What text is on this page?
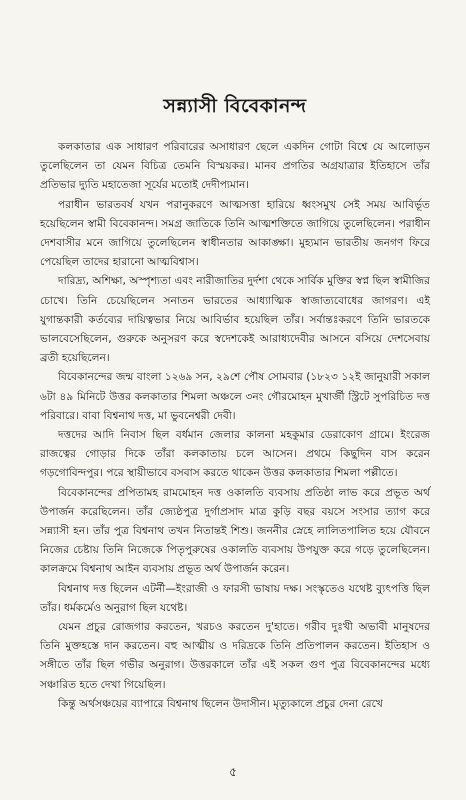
সন্ন্যাসী বিবেকানন্দ

কলকাতার এক সাধারণ পরিবারের অসাধারণ ছেলে একদিন গোটা বিশ্বে যে আলোড়ন তুলেছিলেন তা যেমন বিচিত্র তেমনি বিস্ময়কর। মানব প্রগতির অগ্রযাত্রার ইতিহাসে তাঁর প্রতিভার দ্যুতি মহাতেজা সূর্যের মতোই দেদীপ্যমান।

পরাধীন ভারতবর্ষ যখন পরানুকরণে আত্মসত্তা হারিয়ে ধ্বংসমুখ সেই সময় আবির্ভূত হয়েছিলেন স্বামী বিবেকানন্দ। সমগ্র জাতিকে তিনি আত্মশক্তিতে জাগিয়ে তুলেছিলেন। পরাধীন দেশবাসীর মনে জাগিয়ে তুলেছিলেন স্বাধীনতার আকাঙ্ক্ষা। মুহ্যমান ভারতীয় জনগণ ফিরে পেয়েছিল তাদের হারানো আত্মবিশ্বাস।

দারিদ্র্য, অশিক্ষা, অস্পৃশ্যতা এবং নারীজাতির দুর্দশা থেকে সার্বিক মুক্তির স্বপ্ন ছিল স্বামীজির চোখে। তিনি চেয়েছিলেন সনাতন ভারতের আধ্যাত্মিক স্বাজাত্যবোধের জাগরণ। এই যুগান্তকারী কর্তব্যের দায়িত্বভার নিয়ে আবির্ভাব হয়েছিল তাঁর। সর্বান্তঃকরণে তিনি ভারতকে ভালবেসেছিলেন, গুরুকে অনুসরণ করে স্বদেশকেই আরাধ্যদেবীর আসনে বসিয়ে দেশসেবায় ব্রতী হয়েছিলেন।

বিবেকানন্দের জন্ম বাংলা ১২৬৯ সন, ২৯শে পৌষ সোমবার (১৮২৩ ১২ই জানুয়ারী সকাল ৬টা ৪৯ মিনিটে উত্তর কলকাতার শিমলা অঞ্চলে ৩নং গৌরমোহন মুখার্জী স্ট্রিটে সুপরিচিত দত্ত পরিবারে। বাবা বিশ্বনাথ দত্ত, মা ভুবনেশ্বরী দেবী।

দত্তদের আদি নিবাস ছিল বর্ধমান জেলার কালনা মহকুমার ডেরাকোণ গ্রামে। ইংরেজ রাজত্বের গোড়ার দিকে তাঁরা কলকাতায় চলে আসেন। প্রথমে কিছুদিন বাস করেন গড়গোবিন্দপুর। পরে স্থায়ীভাবে বসবাস করতে থাকেন উত্তর কলকাতার শিমলা পল্লীতে।

বিবেকানন্দের প্রপিতামহ রামমোহন দত্ত ওকালতি ব্যবসায় প্রতিষ্ঠা লাভ করে প্রভূত অর্থ উপার্জন করেছিলেন। তাঁর জ্যেষ্ঠপুত্র দুর্গাপ্রসাদ মাত্র কুড়ি বছর বয়সে সংসার ত্যাগ করে সন্ন্যাসী হন। তাঁর পুত্র বিশ্বনাথ তখন নিতান্তই শিশু। জননীর স্নেহে লালিতপালিত হয়ে যৌবনে নিজের চেষ্টায় তিনি নিজেকে পিতৃপুরুষের ওকালতি ব্যবসায় উপযুক্ত করে গড়ে তুলেছিলেন। কালক্রমে বিশ্বনাথ আইন ব্যবসায় প্রভূত অর্থ উপার্জন করেন।

বিশ্বনাথ দত্ত ছিলেন এটর্নী—ইংরাজী ও ফারসী ভাষায় দক্ষ। সংস্কৃতেও যথেষ্ট ব্যুৎপত্তি ছিল তাঁর। ধর্মকর্মেও অনুরাগ ছিল যথেষ্ট।

যেমন প্রচুর রোজগার করতেন, খরচও করতেন দু'হাতে। গরীব দুঃখী অভাবী মানুষদের তিনি মুক্তহস্তে দান করতেন। বহু আত্মীয় ও দরিদ্রকে তিনি প্রতিপালন করতেন। ইতিহাস ও সঙ্গীতে তাঁর ছিল গভীর অনুরাগ। উত্তরকালে তাঁর এই সকল গুণ পুত্র বিবেকানন্দের মধ্যে সঞ্চারিত হতে দেখা গিয়েছিল।

কিন্তু অর্থসঞ্চয়ের ব্যাপারে বিশ্বনাথ ছিলেন উদাসীন। মৃত্যুকালে প্রচুর দেনা রেখে

৫
